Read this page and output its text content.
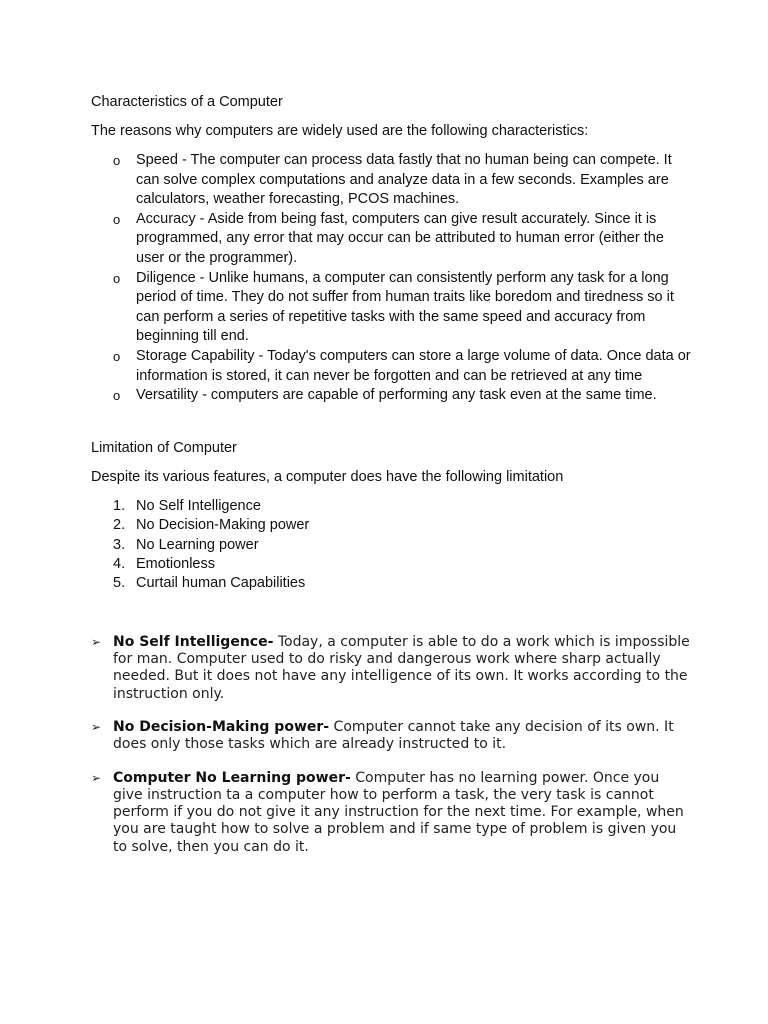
Characteristics of a Computer

The reasons why computers are widely used are the following characteristics:

o Speed - The computer can process data fastly that no human being can compete. It can solve complex computations and analyze data in a few seconds. Examples are calculators, weather forecasting, PCOS machines.
o Accuracy - Aside from being fast, computers can give result accurately. Since it is programmed, any error that may occur can be attributed to human error (either the user or the programmer).
o Diligence - Unlike humans, a computer can consistently perform any task for a long period of time. They do not suffer from human traits like boredom and tiredness so it can perform a series of repetitive tasks with the same speed and accuracy from beginning till end.
o Storage Capability - Today's computers can store a large volume of data. Once data or information is stored, it can never be forgotten and can be retrieved at any time
o Versatility - computers are capable of performing any task even at the same time.

Limitation of Computer

Despite its various features, a computer does have the following limitation

1. No Self Intelligence
2. No Decision-Making power
3. No Learning power
4. Emotionless
5. Curtail human Capabilities
➢ No Self Intelligence- Today, a computer is able to do a work which is impossible for man. Computer used to do risky and dangerous work where sharp actually needed. But it does not have any intelligence of its own. It works according to the instruction only.
➢ No Decision-Making power- Computer cannot take any decision of its own. It does only those tasks which are already instructed to it.
➢ Computer No Learning power- Computer has no learning power. Once you give instruction ta a computer how to perform a task, the very task is cannot perform if you do not give it any instruction for the next time. For example, when you are taught how to solve a problem and if same type of problem is given you to solve, then you can do it.
